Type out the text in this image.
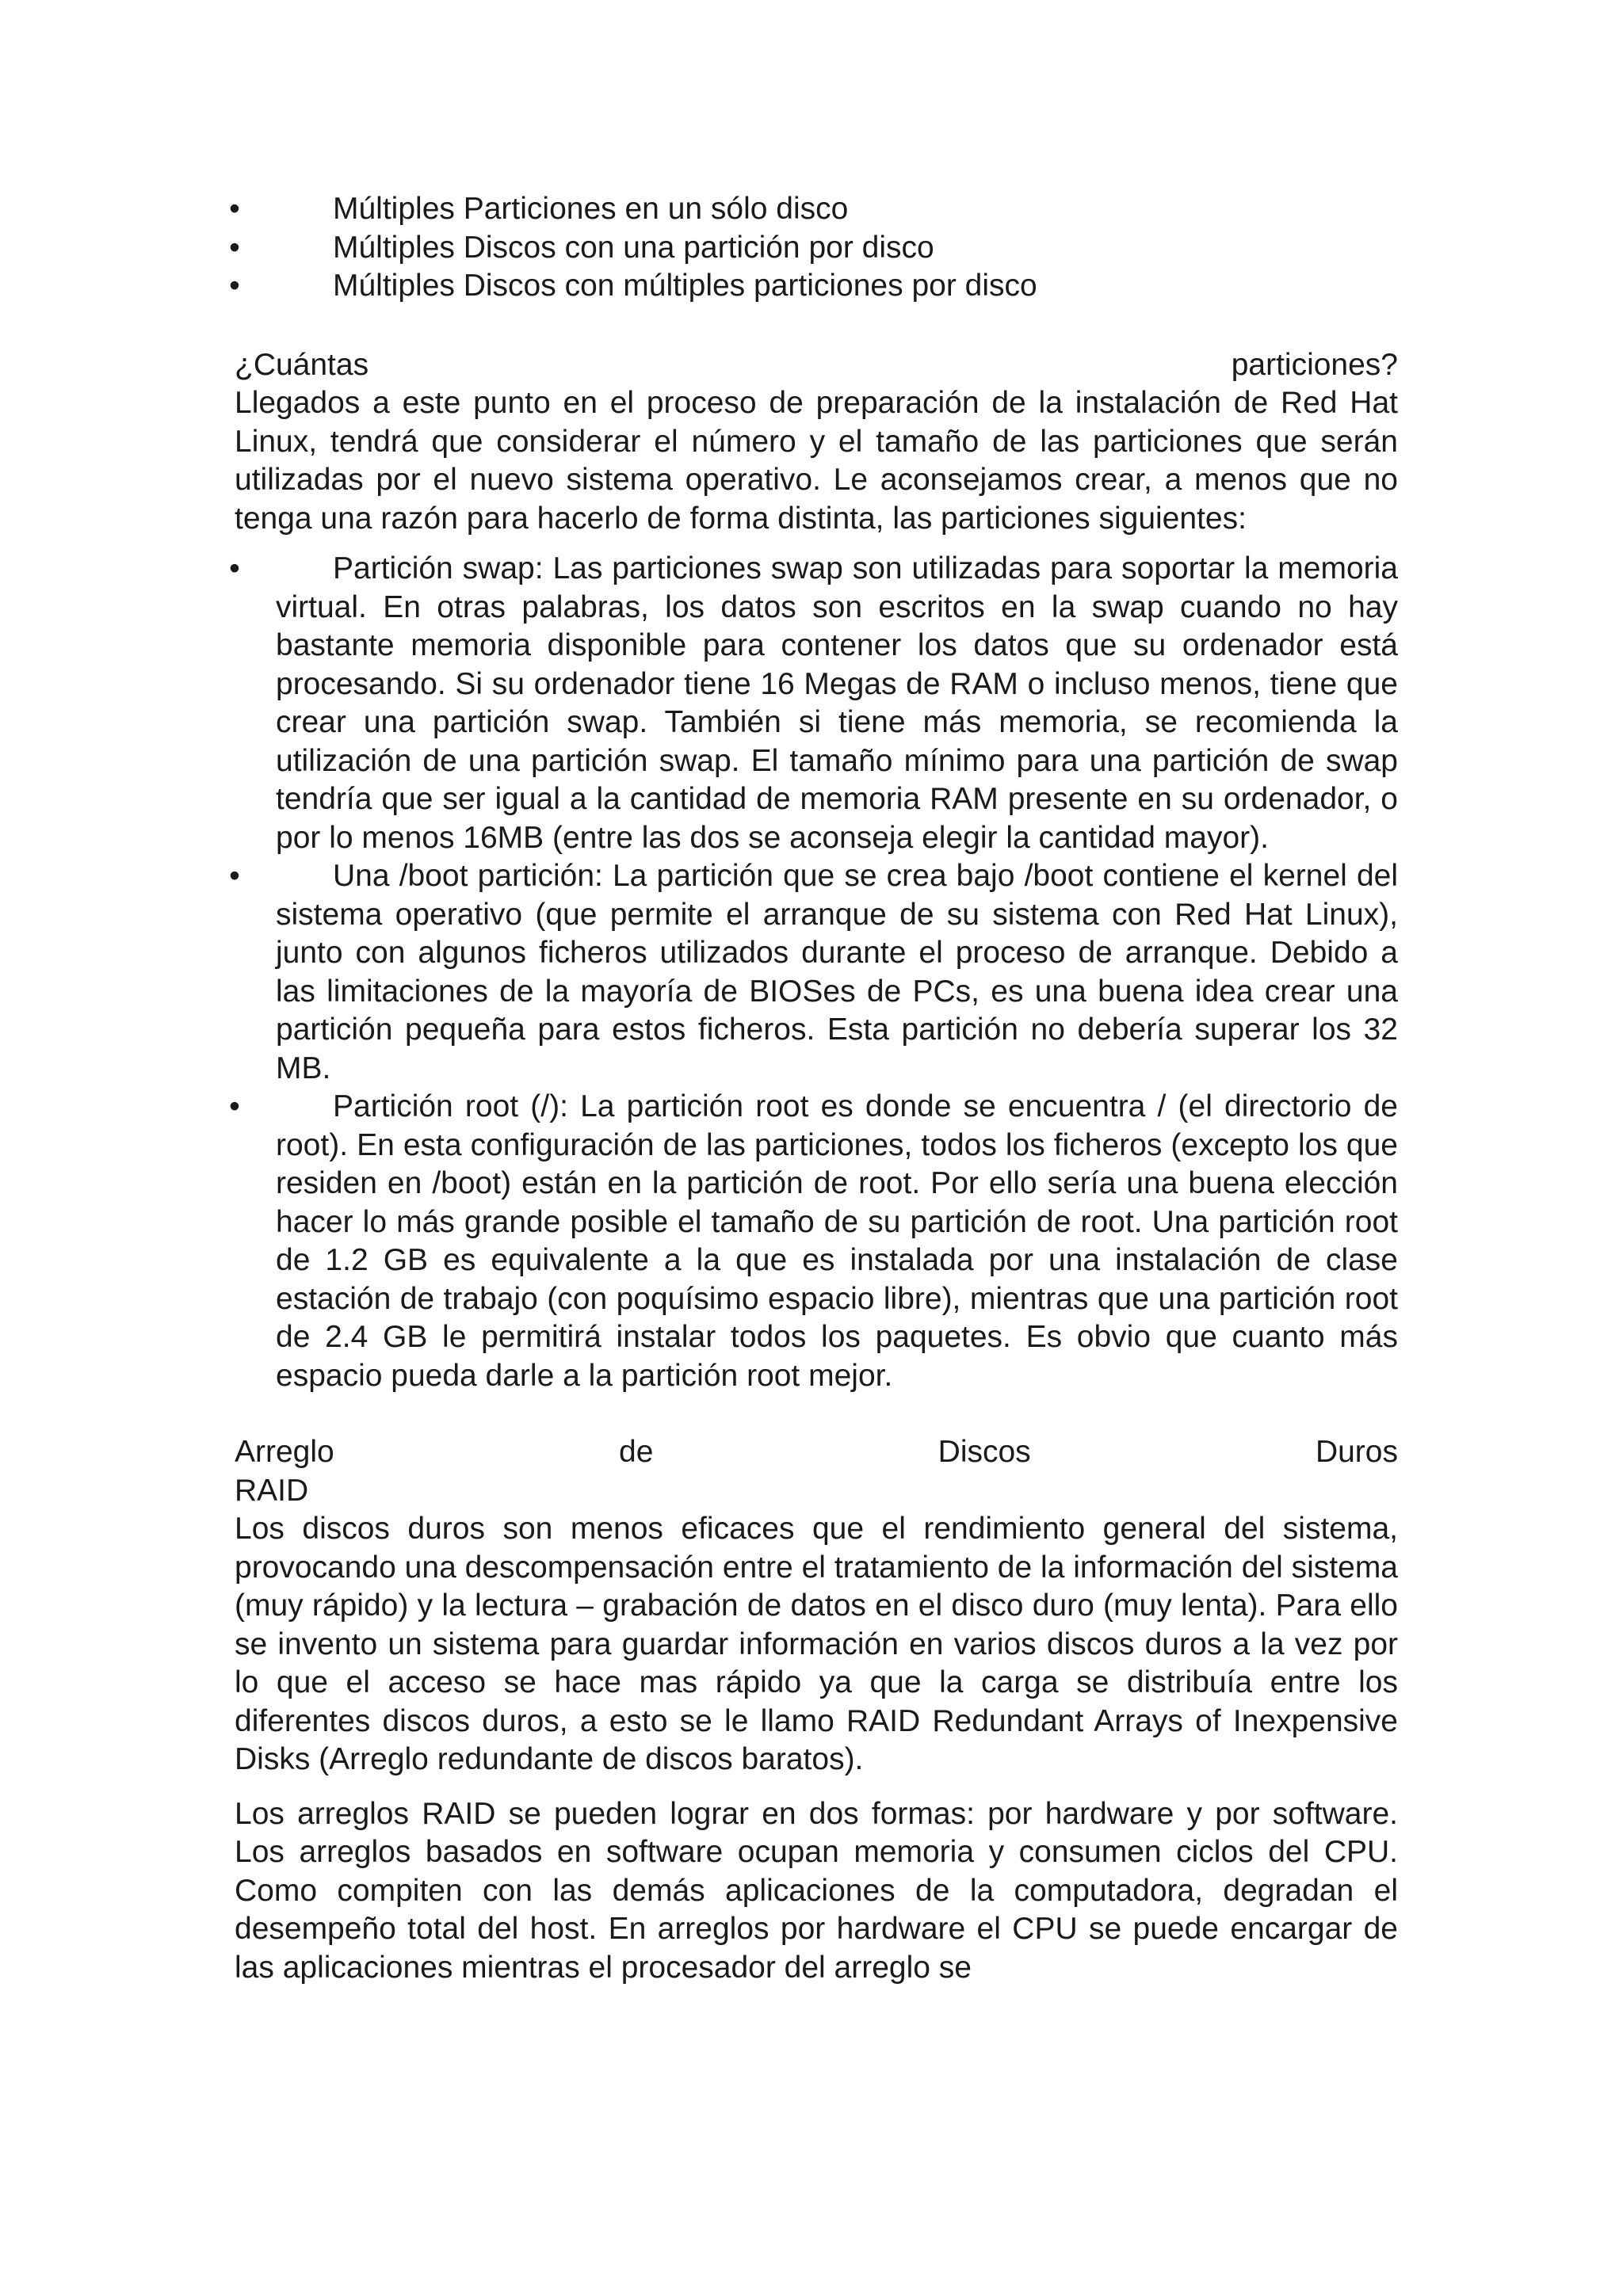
•	Múltiples Particiones en un sólo disco
•	Múltiples Discos con una partición por disco
•	Múltiples Discos con múltiples particiones por disco
¿Cuántas	particiones?

Llegados a este punto en el proceso de preparación de la instalación de Red Hat Linux, tendrá que considerar el número y el tamaño de las particiones que serán utilizadas por el nuevo sistema operativo. Le aconsejamos crear, a menos que no tenga una razón para hacerlo de forma distinta, las particiones siguientes:

•	Partición swap: Las particiones swap son utilizadas para soportar la memoria virtual. En otras palabras, los datos son escritos en la swap cuando no hay bastante memoria disponible para contener los datos que su ordenador está procesando. Si su ordenador tiene 16 Megas de RAM o incluso menos, tiene que crear una partición swap. También si tiene más memoria, se recomienda la utilización de una partición swap. El tamaño mínimo para una partición de swap tendría que ser igual a la cantidad de memoria RAM presente en su ordenador, o por lo menos 16MB (entre las dos se aconseja elegir la cantidad mayor).
•	Una /boot partición: La partición que se crea bajo /boot contiene el kernel del sistema operativo (que permite el arranque de su sistema con Red Hat Linux), junto con algunos ficheros utilizados durante el proceso de arranque. Debido a las limitaciones de la mayoría de BIOSes de PCs, es una buena idea crear una partición pequeña para estos ficheros. Esta partición no debería superar los 32 MB.
•	Partición root (/): La partición root es donde se encuentra / (el directorio de root). En esta configuración de las particiones, todos los ficheros (excepto los que residen en /boot) están en la partición de root. Por ello sería una buena elección hacer lo más grande posible el tamaño de su partición de root. Una partición root de 1.2 GB es equivalente a la que es instalada por una instalación de clase estación de trabajo (con poquísimo espacio libre), mientras que una partición root de 2.4 GB le permitirá instalar todos los paquetes. Es obvio que cuanto más espacio pueda darle a la partición root mejor.
Arreglo	de	Discos	Duros
RAID

Los discos duros son menos eficaces que el rendimiento general del sistema, provocando una descompensación entre el tratamiento de la información del sistema (muy rápido) y la lectura – grabación de datos en el disco duro (muy lenta). Para ello se invento un sistema para guardar información en varios discos duros a la vez por lo que el acceso se hace mas rápido ya que la carga se distribuía entre los diferentes discos duros, a esto se le llamo RAID Redundant Arrays of Inexpensive Disks (Arreglo redundante de discos baratos).

Los arreglos RAID se pueden lograr en dos formas: por hardware y por software. Los arreglos basados en software ocupan memoria y consumen ciclos del CPU. Como compiten con las demás aplicaciones de la computadora, degradan el desempeño total del host. En arreglos por hardware el CPU se puede encargar de las aplicaciones mientras el procesador del arreglo se
